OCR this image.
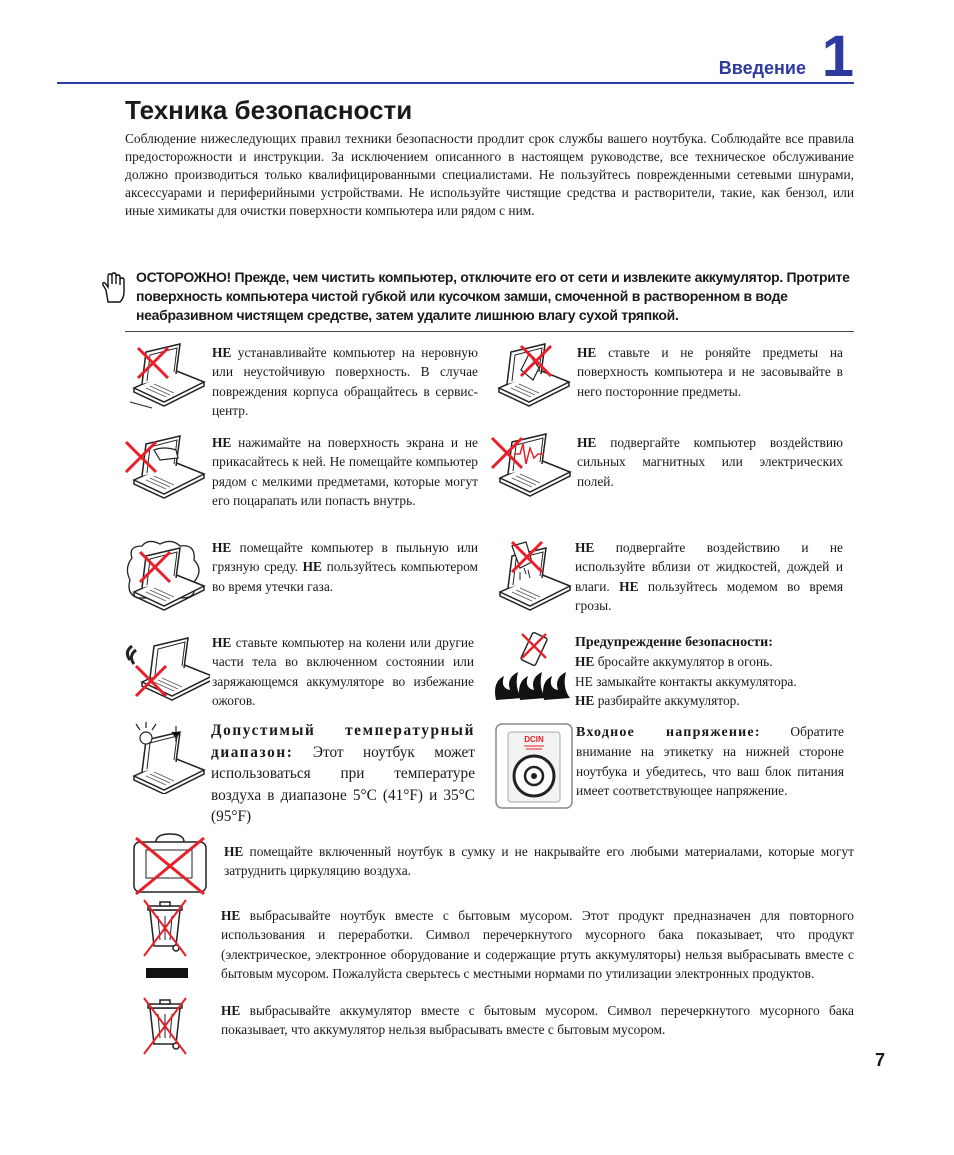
Введение 1
Техника безопасности
Соблюдение нижеследующих правил техники безопасности продлит срок службы вашего ноутбука. Соблюдайте все правила предосторожности и инструкции. За исключением описанного в настоящем руководстве, все техническое обслуживание должно производиться только квалифицированными специалистами. Не пользуйтесь поврежденными сетевыми шнурами, аксессуарами и периферийными устройствами. Не используйте чистящие средства и растворители, такие, как бензол, или иные химикаты для очистки поверхности компьютера или рядом с ним.
ОСТОРОЖНО! Прежде, чем чистить компьютер, отключите его от сети и извлеките аккумулятор. Протрите поверхность компьютера чистой губкой или кусочком замши, смоченной в растворенном в воде неабразивном чистящем средстве, затем удалите лишнюю влагу сухой тряпкой.
НЕ устанавливайте компьютер на неровную или неустойчивую поверхность. В случае повреждения корпуса обращайтесь в сервис-центр.
НЕ ставьте и не роняйте предметы на поверхность компьютера и не засовывайте в него посторонние предметы.
НЕ нажимайте на поверхность экрана и не прикасайтесь к ней. Не помещайте компьютер рядом с мелкими предметами, которые могут его поцарапать или попасть внутрь.
НЕ подвергайте компьютер воздействию сильных магнитных или электрических полей.
НЕ помещайте компьютер в пыльную или грязную среду. НЕ пользуйтесь компьютером во время утечки газа.
НЕ подвергайте воздействию и не используйте вблизи от жидкостей, дождей и влаги. НЕ пользуйтесь модемом во время грозы.
НЕ ставьте компьютер на колени или другие части тела во включенном состоянии или заряжающемся аккумуляторе во избежание ожогов.
Предупреждение безопасности:
НЕ бросайте аккумулятор в огонь.
НЕ замыкайте контакты аккумулятора.
НЕ разбирайте аккумулятор.
Допустимый температурный диапазон: Этот ноутбук может использоваться при температуре воздуха в диапазоне 5°C (41°F) и 35°C (95°F)
DCIN Входное напряжение: Обратите внимание на этикетку на нижней стороне ноутбука и убедитесь, что ваш блок питания имеет соответствующее напряжение.
НЕ помещайте включенный ноутбук в сумку и не накрывайте его любыми материалами, которые могут затруднить циркуляцию воздуха.
НЕ выбрасывайте ноутбук вместе с бытовым мусором. Этот продукт предназначен для повторного использования и переработки. Символ перечеркнутого мусорного бака показывает, что продукт (электрическое, электронное оборудование и содержащие ртуть аккумуляторы) нельзя выбрасывать вместе с бытовым мусором. Пожалуйста сверьтесь с местными нормами по утилизации электронных продуктов.
НЕ выбрасывайте аккумулятор вместе с бытовым мусором. Символ перечеркнутого мусорного бака показывает, что аккумулятор нельзя выбрасывать вместе с бытовым мусором.
7
